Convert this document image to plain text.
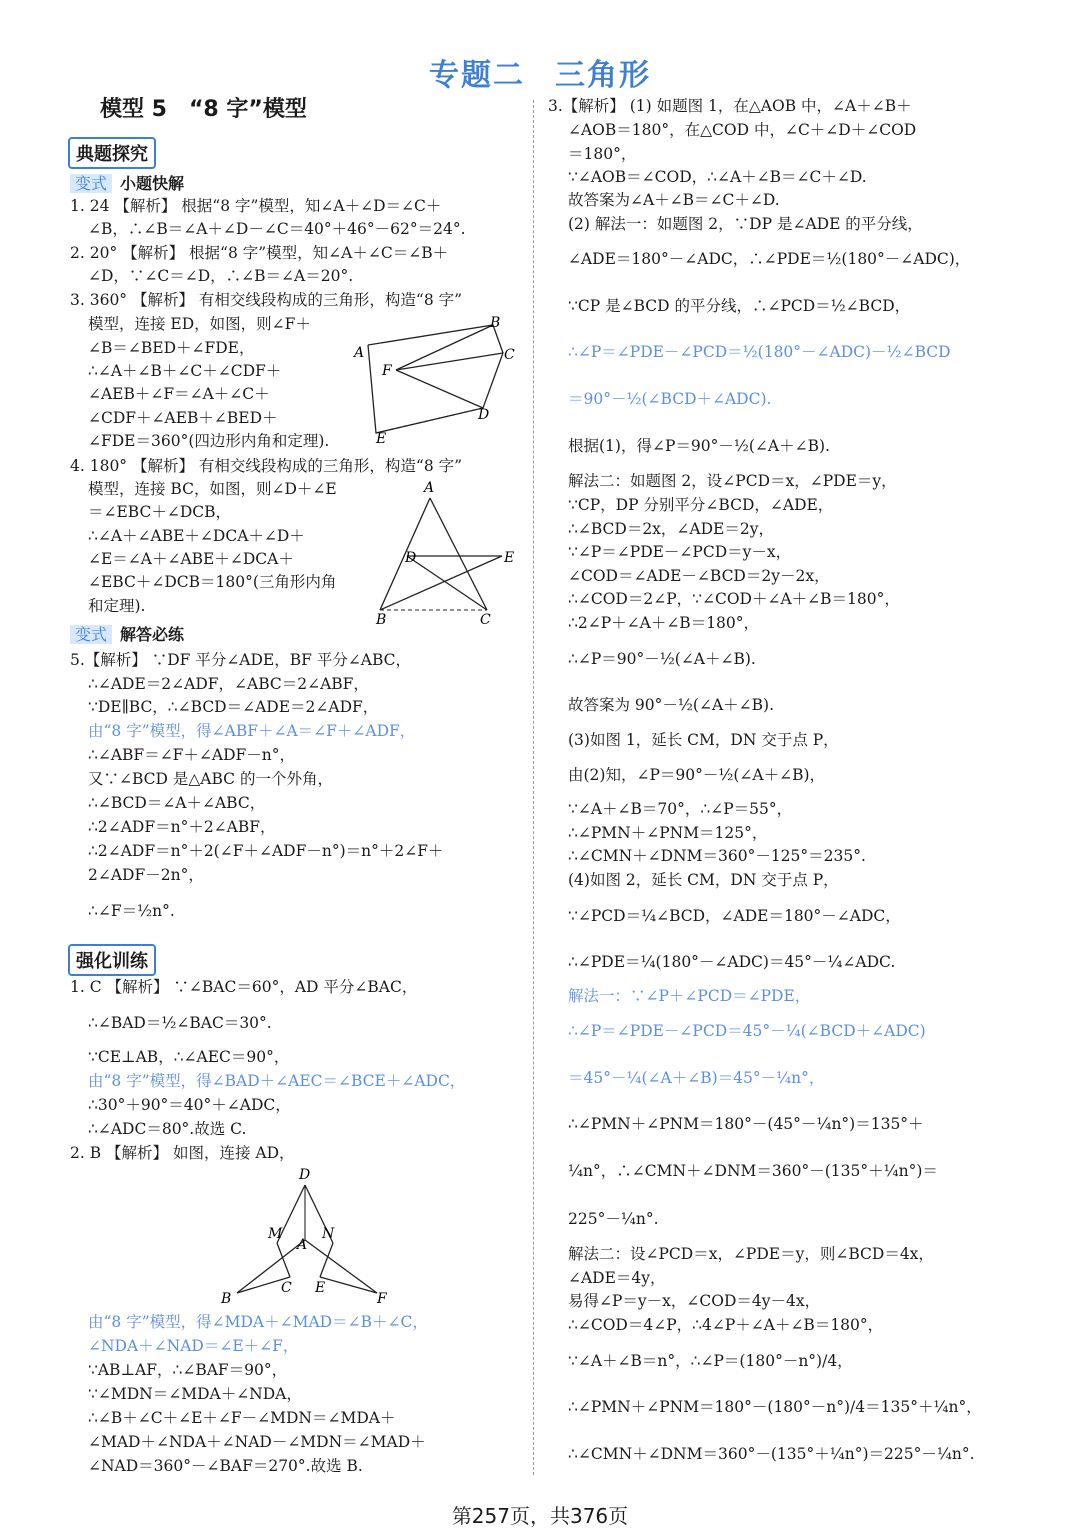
专题二 三角形
模型 5　“8 字”模型
典题探究
变式 小题快解
1. 24 【解析】 根据“8 字”模型，知∠A＋∠D＝∠C＋
∠B，∴∠B＝∠A＋∠D－∠C＝40°＋46°－62°＝24°.
2. 20° 【解析】 根据“8 字”模型，知∠A＋∠C＝∠B＋
∠D，∵∠C＝∠D，∴∠B＝∠A＝20°.
3. 360° 【解析】 有相交线段构成的三角形，构造“8 字”
模型，连接 ED，如图，则∠F＋
∠B＝∠BED＋∠FDE，
∴∠A＋∠B＋∠C＋∠CDF＋
∠AEB＋∠F＝∠A＋∠C＋
∠CDF＋∠AEB＋∠BED＋
∠FDE＝360°(四边形内角和定理).
4. 180° 【解析】 有相交线段构成的三角形，构造“8 字”
模型，连接 BC，如图，则∠D＋∠E
＝∠EBC＋∠DCB，
∴∠A＋∠ABE＋∠DCA＋∠D＋
∠E＝∠A＋∠ABE＋∠DCA＋
∠EBC＋∠DCB＝180°(三角形内角
和定理).
变式 解答必练
5.【解析】 ∵DF 平分∠ADE，BF 平分∠ABC，
∴∠ADE＝2∠ADF，∠ABC＝2∠ABF，
∵DE∥BC，∴∠BCD＝∠ADE＝2∠ADF，
由“8 字”模型，得∠ABF＋∠A＝∠F＋∠ADF，
∴∠ABF＝∠F＋∠ADF－n°，
又∵∠BCD 是△ABC 的一个外角，
∴∠BCD＝∠A＋∠ABC，
∴2∠ADF＝n°＋2∠ABF，
∴2∠ADF＝n°＋2(∠F＋∠ADF－n°)＝n°＋2∠F＋
2∠ADF－2n°，
∴∠F＝½n°.
强化训练
1. C 【解析】 ∵∠BAC＝60°，AD 平分∠BAC，
∴∠BAD＝½∠BAC＝30°.
∵CE⊥AB，∴∠AEC＝90°，
由“8 字”模型，得∠BAD＋∠AEC＝∠BCE＋∠ADC，
∴30°＋90°＝40°＋∠ADC，
∴∠ADC＝80°.故选 C.
2. B 【解析】 如图，连接 AD，
由“8 字”模型，得∠MDA＋∠MAD＝∠B＋∠C，
∠NDA＋∠NAD＝∠E＋∠F，
∵AB⊥AF，∴∠BAF＝90°，
∵∠MDN＝∠MDA＋∠NDA，
∴∠B＋∠C＋∠E＋∠F－∠MDN＝∠MDA＋
∠MAD＋∠NDA＋∠NAD－∠MDN＝∠MAD＋
∠NAD＝360°－∠BAF＝270°.故选 B.
B
A	C
F
D
E
A
D	E
B	C
D
M	N
A
B
C E
F
3.【解析】 (1) 如题图 1，在△AOB 中，∠A＋∠B＋
∠AOB＝180°，在△COD 中，∠C＋∠D＋∠COD
＝180°，
∵∠AOB＝∠COD，∴∠A＋∠B＝∠C＋∠D.
故答案为∠A＋∠B＝∠C＋∠D.
(2) 解法一：如题图 2，∵DP 是∠ADE 的平分线，
∠ADE＝180°－∠ADC，∴∠PDE＝½(180°－∠ADC)，
∵CP 是∠BCD 的平分线，∴∠PCD＝½∠BCD，
∴∠P＝∠PDE－∠PCD＝½(180°－∠ADC)－½∠BCD
＝90°－½(∠BCD＋∠ADC).
根据(1)，得∠P＝90°－½(∠A＋∠B).
解法二：如题图 2，设∠PCD＝x，∠PDE＝y，
∵CP，DP 分别平分∠BCD，∠ADE，
∴∠BCD＝2x，∠ADE＝2y，
∵∠P＝∠PDE－∠PCD＝y－x，
∠COD＝∠ADE－∠BCD＝2y－2x，
∴∠COD＝2∠P，∵∠COD＋∠A＋∠B＝180°，
∴2∠P＋∠A＋∠B＝180°，
∴∠P＝90°－½(∠A＋∠B).
故答案为 90°－½(∠A＋∠B).
(3)如图 1，延长 CM，DN 交于点 P，
由(2)知，∠P＝90°－½(∠A＋∠B)，
∵∠A＋∠B＝70°，∴∠P＝55°，
∴∠PMN＋∠PNM＝125°，
∴∠CMN＋∠DNM＝360°－125°＝235°.
(4)如图 2，延长 CM，DN 交于点 P，
∵∠PCD＝¼∠BCD，∠ADE＝180°－∠ADC，
∴∠PDE＝¼(180°－∠ADC)＝45°－¼∠ADC.
解法一：∵∠P＋∠PCD＝∠PDE，
∴∠P＝∠PDE－∠PCD＝45°－¼(∠BCD＋∠ADC)
＝45°－¼(∠A＋∠B)＝45°－¼n°，
∴∠PMN＋∠PNM＝180°－(45°－¼n°)＝135°＋
¼n°，∴∠CMN＋∠DNM＝360°－(135°＋¼n°)＝
225°－¼n°.
解法二：设∠PCD＝x，∠PDE＝y，则∠BCD＝4x，
∠ADE＝4y，
易得∠P＝y－x，∠COD＝4y－4x，
∴∠COD＝4∠P，∴4∠P＋∠A＋∠B＝180°，
∵∠A＋∠B＝n°，∴∠P＝(180°－n°)/4，
∴∠PMN＋∠PNM＝180°－(180°－n°)/4＝135°＋¼n°，
∴∠CMN＋∠DNM＝360°－(135°＋¼n°)＝225°－¼n°.
第257页，共376页
